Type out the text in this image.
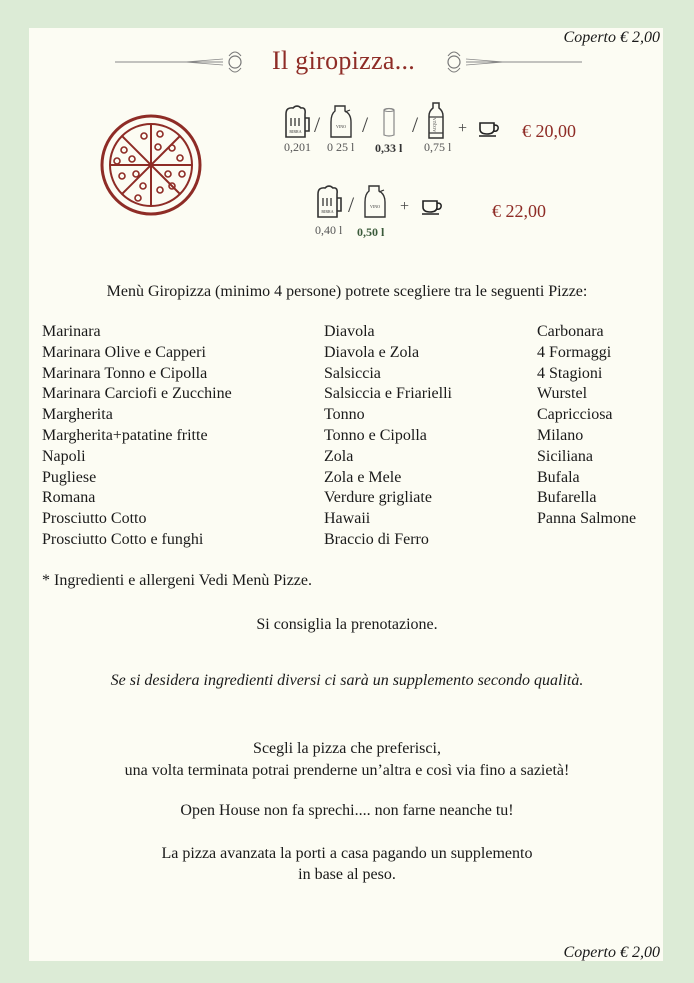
Coperto € 2,00
Il giropizza...
BIRRA /	VINO / /	ACQUA +	€ 20,00
0,201 0 25 l 0,33 l 0,75 l
BIRRA /	VINO +	€ 22,00
0,40 l 0,50 l
Menù Giropizza (minimo 4 persone) potrete scegliere tra le seguenti Pizze:
Marinara
Marinara Olive e Capperi
Marinara Tonno e Cipolla
Marinara Carciofi e Zucchine
Margherita
Margherita+patatine fritte
Napoli
Pugliese
Romana
Prosciutto Cotto
Prosciutto Cotto e funghi
Diavola
Diavola e Zola
Salsiccia
Salsiccia e Friarielli
Tonno
Tonno e Cipolla
Zola
Zola e Mele
Verdure grigliate
Hawaii
Braccio di Ferro
Carbonara
4 Formaggi
4 Stagioni
Wurstel
Capricciosa
Milano
Siciliana
Bufala
Bufarella
Panna Salmone
* Ingredienti e allergeni Vedi Menù Pizze.
Si consiglia la prenotazione.
Se si desidera ingredienti diversi ci sarà un supplemento secondo qualità.
Scegli la pizza che preferisci,
una volta terminata potrai prenderne un’altra e così via fino a sazietà!
Open House non fa sprechi.... non farne neanche tu!
La pizza avanzata la porti a casa pagando un supplemento
in base al peso.
Coperto € 2,00
